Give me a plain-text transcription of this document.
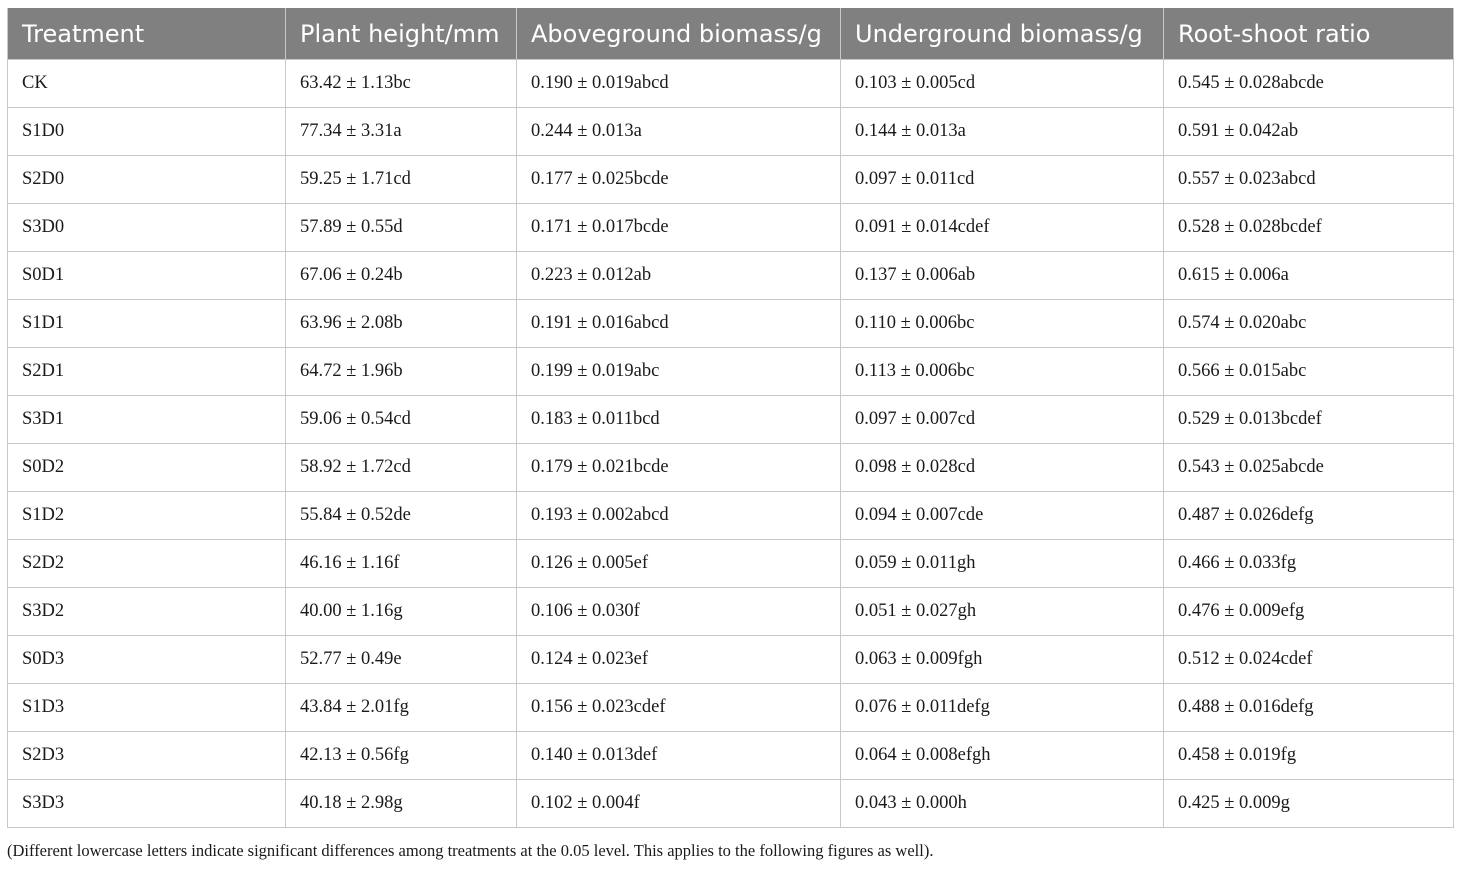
Treatment	Plant height/mm	Aboveground biomass/g	Underground biomass/g	Root-shoot ratio
CK	63.42 ± 1.13bc	0.190 ± 0.019abcd	0.103 ± 0.005cd	0.545 ± 0.028abcde
S1D0	77.34 ± 3.31a	0.244 ± 0.013a	0.144 ± 0.013a	0.591 ± 0.042ab
S2D0	59.25 ± 1.71cd	0.177 ± 0.025bcde	0.097 ± 0.011cd	0.557 ± 0.023abcd
S3D0	57.89 ± 0.55d	0.171 ± 0.017bcde	0.091 ± 0.014cdef	0.528 ± 0.028bcdef
S0D1	67.06 ± 0.24b	0.223 ± 0.012ab	0.137 ± 0.006ab	0.615 ± 0.006a
S1D1	63.96 ± 2.08b	0.191 ± 0.016abcd	0.110 ± 0.006bc	0.574 ± 0.020abc
S2D1	64.72 ± 1.96b	0.199 ± 0.019abc	0.113 ± 0.006bc	0.566 ± 0.015abc
S3D1	59.06 ± 0.54cd	0.183 ± 0.011bcd	0.097 ± 0.007cd	0.529 ± 0.013bcdef
S0D2	58.92 ± 1.72cd	0.179 ± 0.021bcde	0.098 ± 0.028cd	0.543 ± 0.025abcde
S1D2	55.84 ± 0.52de	0.193 ± 0.002abcd	0.094 ± 0.007cde	0.487 ± 0.026defg
S2D2	46.16 ± 1.16f	0.126 ± 0.005ef	0.059 ± 0.011gh	0.466 ± 0.033fg
S3D2	40.00 ± 1.16g	0.106 ± 0.030f	0.051 ± 0.027gh	0.476 ± 0.009efg
S0D3	52.77 ± 0.49e	0.124 ± 0.023ef	0.063 ± 0.009fgh	0.512 ± 0.024cdef
S1D3	43.84 ± 2.01fg	0.156 ± 0.023cdef	0.076 ± 0.011defg	0.488 ± 0.016defg
S2D3	42.13 ± 0.56fg	0.140 ± 0.013def	0.064 ± 0.008efgh	0.458 ± 0.019fg
S3D3	40.18 ± 2.98g	0.102 ± 0.004f	0.043 ± 0.000h	0.425 ± 0.009g
(Different lowercase letters indicate significant differences among treatments at the 0.05 level. This applies to the following figures as well).
